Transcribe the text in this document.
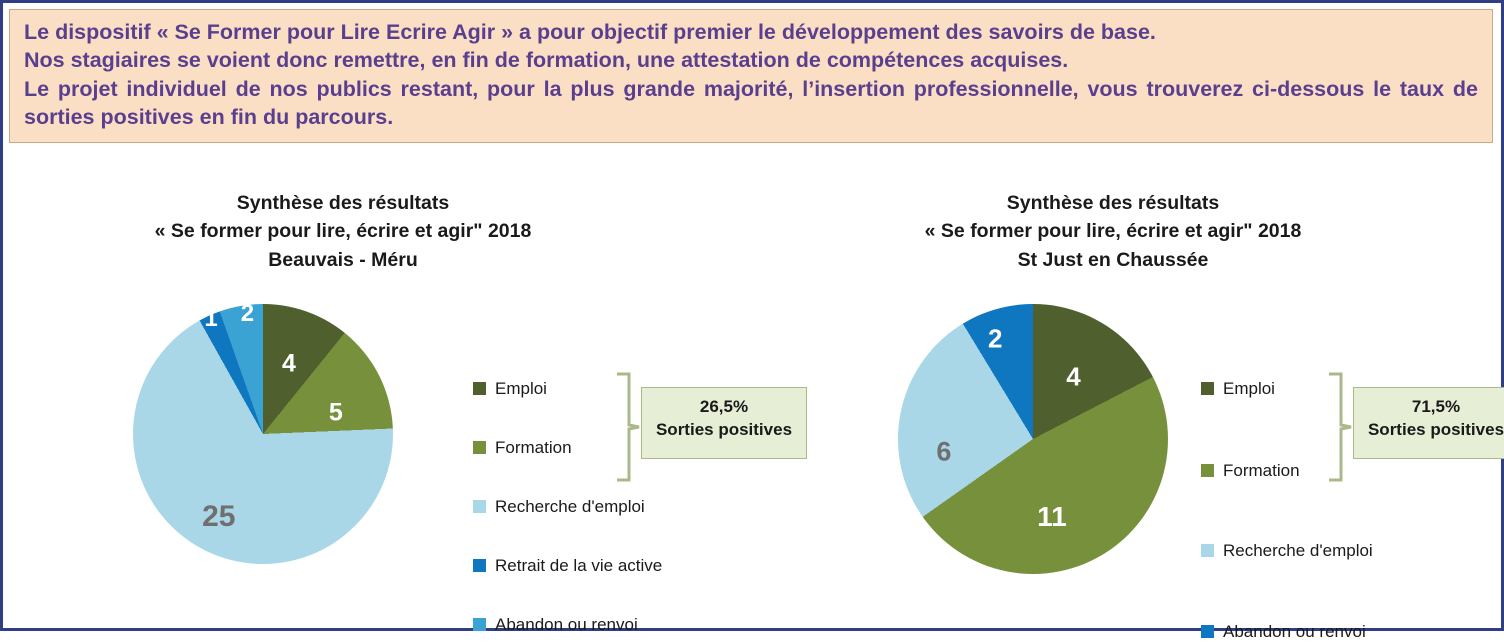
Le dispositif « Se Former pour Lire Ecrire Agir » a pour objectif premier le développement des savoirs de base.

Nos stagiaires se voient donc remettre, en fin de formation, une attestation de compétences acquises.

Le projet individuel de nos publics restant, pour la plus grande majorité, l’insertion professionnelle, vous trouverez ci-dessous le taux de sorties positives en fin du parcours.

Synthèse des résultats
« Se former pour lire, écrire et agir" 2018
Beauvais - Méru
4
5
25
1 2
Emploi
Formation
Recherche d'emploi
Retrait de la vie active
Abandon ou renvoi
26,5%
Sorties positives
Synthèse des résultats
« Se former pour lire, écrire et agir" 2018
St Just en Chaussée
4
11
6
2
Emploi
Formation
Recherche d'emploi
Abandon ou renvoi
71,5%
Sorties positives
